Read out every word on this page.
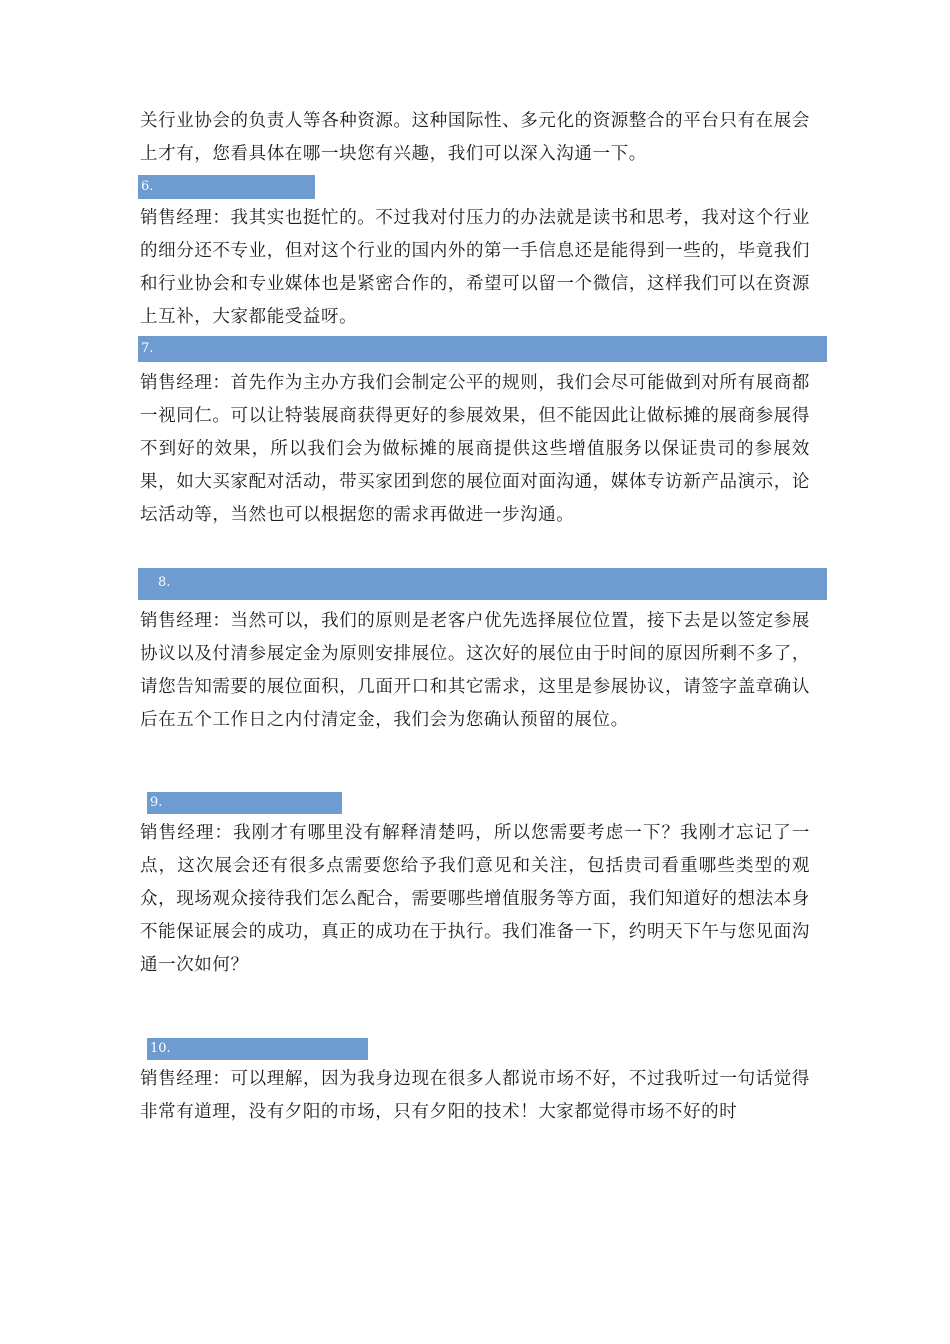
关行业协会的负责人等各种资源。这种国际性、多元化的资源整合的平台只有在展会上才有，您看具体在哪一块您有兴趣，我们可以深入沟通一下。

6.

销售经理：我其实也挺忙的。不过我对付压力的办法就是读书和思考，我对这个行业的细分还不专业，但对这个行业的国内外的第一手信息还是能得到一些的，毕竟我们和行业协会和专业媒体也是紧密合作的，希望可以留一个微信，这样我们可以在资源上互补，大家都能受益呀。

7.

销售经理：首先作为主办方我们会制定公平的规则，我们会尽可能做到对所有展商都一视同仁。可以让特装展商获得更好的参展效果，但不能因此让做标摊的展商参展得不到好的效果，所以我们会为做标摊的展商提供这些增值服务以保证贵司的参展效果，如大买家配对活动，带买家团到您的展位面对面沟通，媒体专访新产品演示，论坛活动等，当然也可以根据您的需求再做进一步沟通。

8.

销售经理：当然可以，我们的原则是老客户优先选择展位位置，接下去是以签定参展协议以及付清参展定金为原则安排展位。这次好的展位由于时间的原因所剩不多了，请您告知需要的展位面积，几面开口和其它需求，这里是参展协议，请签字盖章确认后在五个工作日之内付清定金，我们会为您确认预留的展位。

9.

销售经理：我刚才有哪里没有解释清楚吗，所以您需要考虑一下？我刚才忘记了一点，这次展会还有很多点需要您给予我们意见和关注，包括贵司看重哪些类型的观众，现场观众接待我们怎么配合，需要哪些增值服务等方面，我们知道好的想法本身不能保证展会的成功，真正的成功在于执行。我们准备一下，约明天下午与您见面沟通一次如何？

10.

销售经理：可以理解，因为我身边现在很多人都说市场不好，不过我听过一句话觉得非常有道理，没有夕阳的市场，只有夕阳的技术！大家都觉得市场不好的时
